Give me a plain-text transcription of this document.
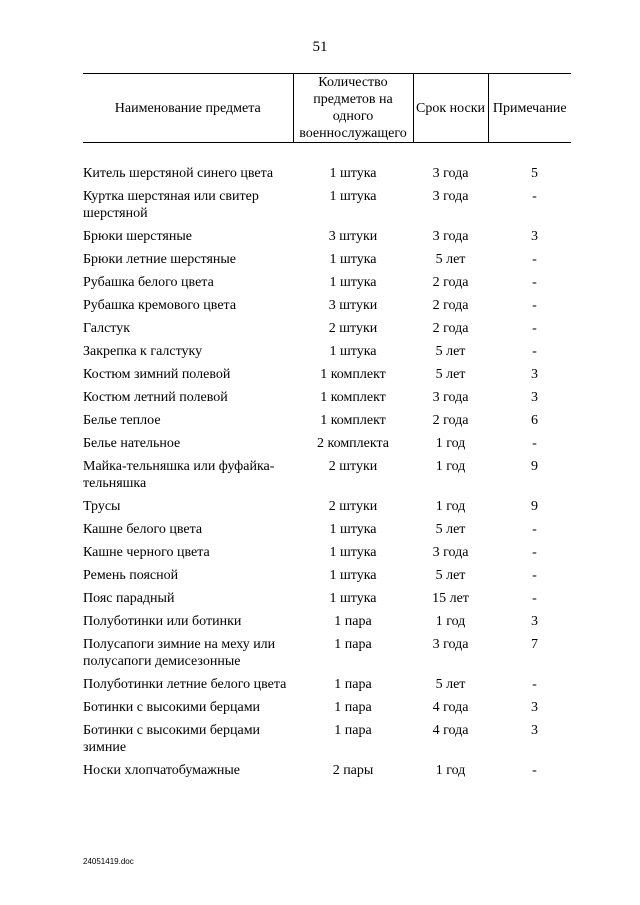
51
Наименование предмета	Количество предметов на одного военнослужащего	Срок носки	Примечание

Китель шерстяной синего цвета	1 штука	3 года	5
Куртка шерстяная или свитер шерстяной	1 штука	3 года	-
Брюки шерстяные	3 штуки	3 года	3
Брюки летние шерстяные	1 штука	5 лет	-
Рубашка белого цвета	1 штука	2 года	-
Рубашка кремового цвета	3 штуки	2 года	-
Галстук	2 штуки	2 года	-
Закрепка к галстуку	1 штука	5 лет	-
Костюм зимний полевой	1 комплект	5 лет	3
Костюм летний полевой	1 комплект	3 года	3
Белье теплое	1 комплект	2 года	6
Белье нательное	2 комплекта	1 год	-
Майка-тельняшка или фуфайка-тельняшка	2 штуки	1 год	9
Трусы	2 штуки	1 год	9
Кашне белого цвета	1 штука	5 лет	-
Кашне черного цвета	1 штука	3 года	-
Ремень поясной	1 штука	5 лет	-
Пояс парадный	1 штука	15 лет	-
Полуботинки или ботинки	1 пара	1 год	3
Полусапоги зимние на меху или полусапоги демисезонные	1 пара	3 года	7
Полуботинки летние белого цвета	1 пара	5 лет	-
Ботинки с высокими берцами	1 пара	4 года	3
Ботинки с высокими берцами зимние	1 пара	4 года	3
Носки хлопчатобумажные	2 пары	1 год	-
24051419.doc
